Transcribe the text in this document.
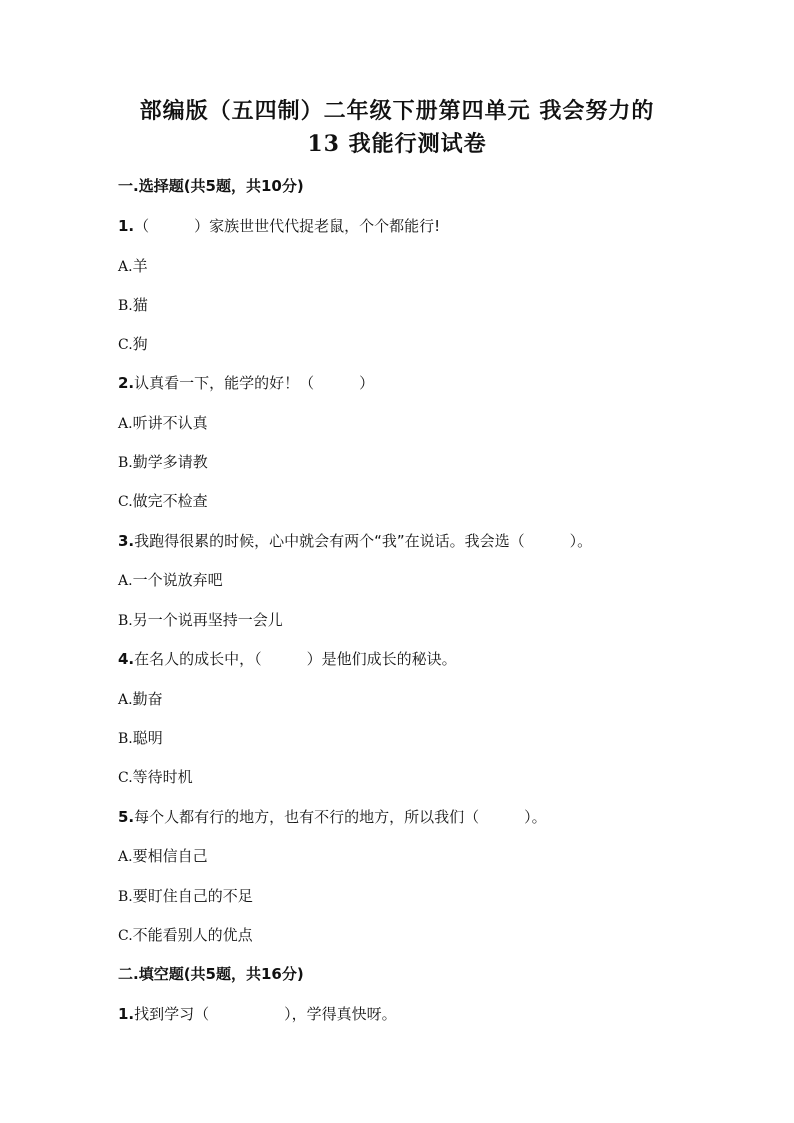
部编版（五四制）二年级下册第四单元 我会努力的
13 我能行测试卷
一.选择题(共5题，共10分)
1.（　　　）家族世世代代捉老鼠，个个都能行!
A.羊
B.猫
C.狗
2.认真看一下，能学的好！（　　　）
A.听讲不认真
B.勤学多请教
C.做完不检查
3.我跑得很累的时候，心中就会有两个“我”在说话。我会选（　　　）。
A.一个说放弃吧
B.另一个说再坚持一会儿
4.在名人的成长中，（　　　）是他们成长的秘诀。
A.勤奋
B.聪明
C.等待时机
5.每个人都有行的地方，也有不行的地方，所以我们（　　　）。
A.要相信自己
B.要盯住自己的不足
C.不能看别人的优点
二.填空题(共5题，共16分)
1.找到学习（　　　　　），学得真快呀。
